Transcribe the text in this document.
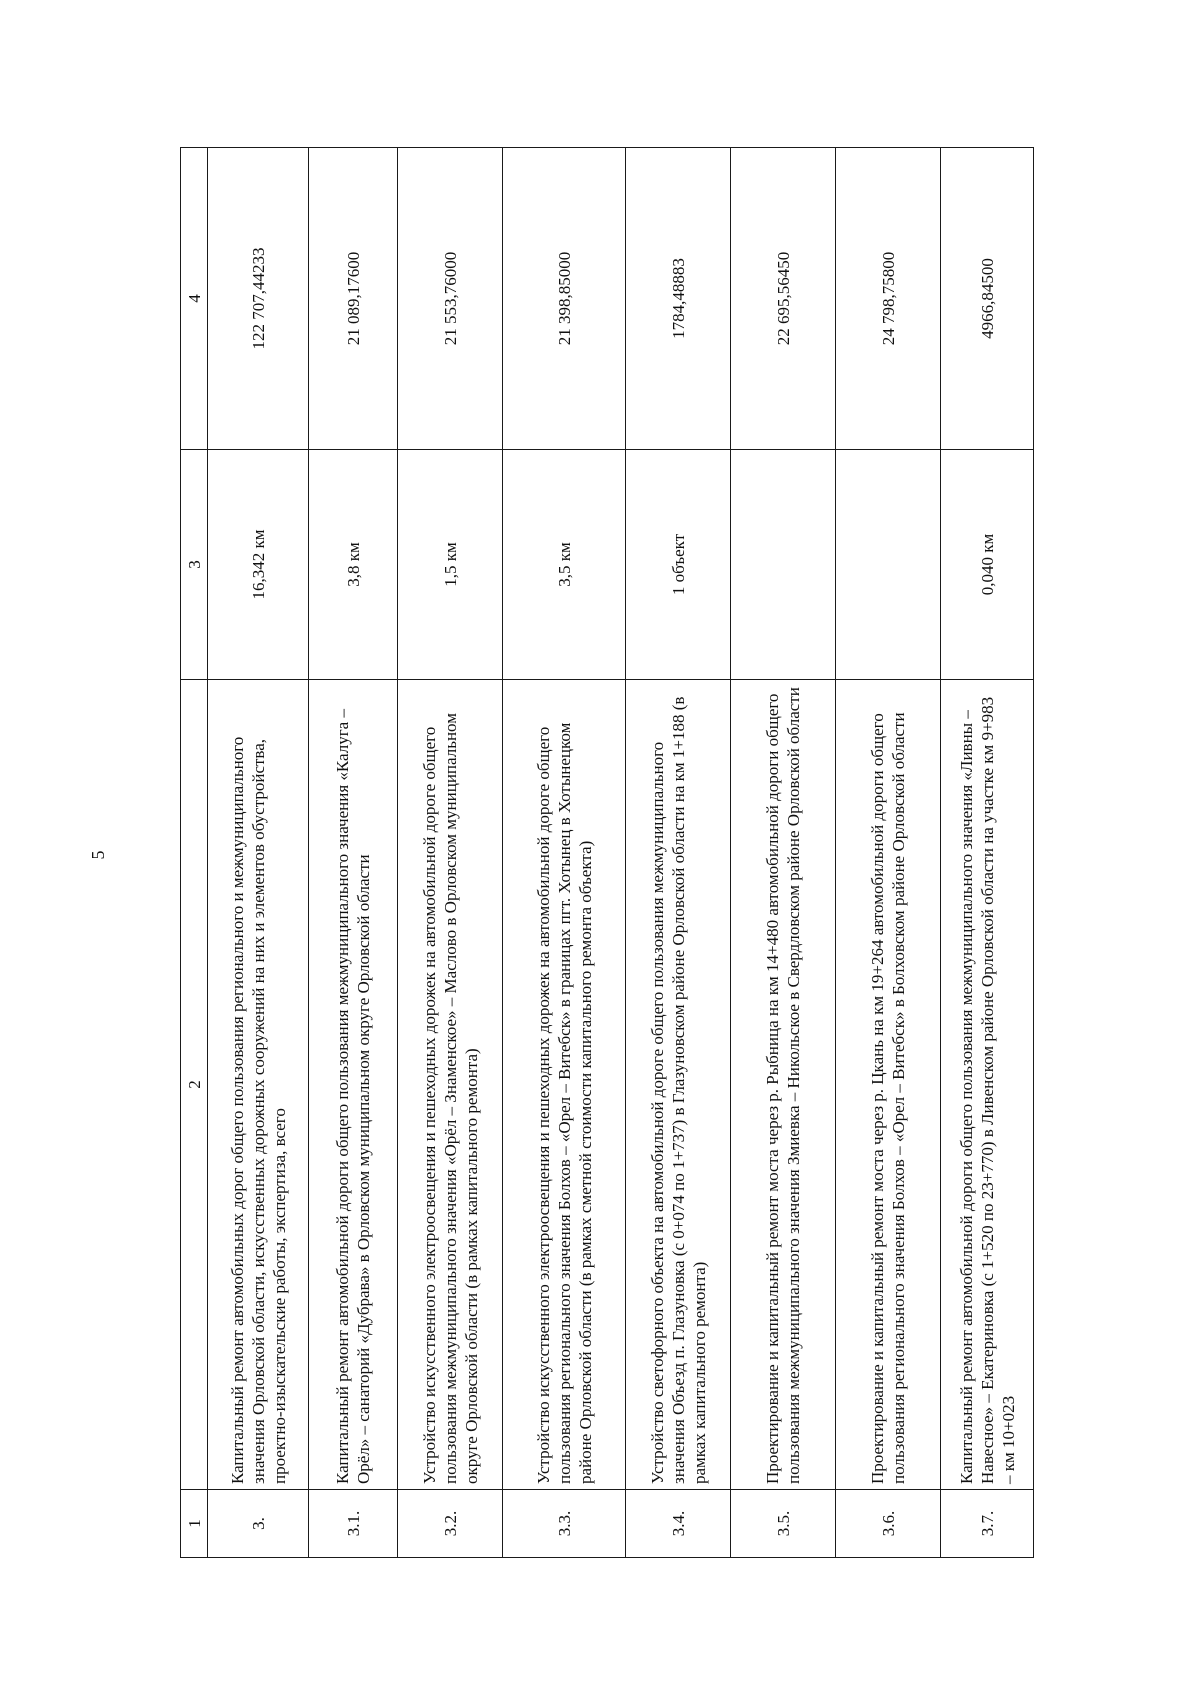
5
1	2	3	4
3.	Капитальный ремонт автомобильных дорог общего пользования регионального и межмуниципального значения Орловской области, искусственных дорожных сооружений на них и элементов обустройства, проектно-изыскательские работы, экспертиза, всего	16,342 км	122 707,44233
3.1.	Капитальный ремонт автомобильной дороги общего пользования межмуниципального значения «Калуга – Орёл» – санаторий «Дубрава» в Орловском муниципальном округе Орловской области	3,8 км	21 089,17600
3.2.	Устройство искусственного электроосвещения и пешеходных дорожек на автомобильной дороге общего пользования межмуниципального значения «Орёл – Знаменское» – Маслово в Орловском муниципальном округе Орловской области (в рамках капитального ремонта)	1,5 км	21 553,76000
3.3.	Устройство искусственного электроосвещения и пешеходных дорожек на автомобильной дороге общего пользования регионального значения Болхов – «Орел – Витебск» в границах пгт. Хотынец в Хотынецком районе Орловской области (в рамках сметной стоимости капитального ремонта объекта)	3,5 км	21 398,85000
3.4.	Устройство светофорного объекта на автомобильной дороге общего пользования межмуниципального значения Объезд п. Глазуновка (с 0+074 по 1+737) в Глазуновском районе Орловской области на км 1+188 (в рамках капитального ремонта)	1 объект	1784,48883
3.5.	Проектирование и капитальный ремонт моста через р. Рыбница на км 14+480 автомобильной дороги общего пользования межмуниципального значения Змиевка – Никольское в Свердловском районе Орловской области		22 695,56450
3.6.	Проектирование и капитальный ремонт моста через р. Цкань на км 19+264 автомобильной дороги общего пользования регионального значения Болхов – «Орел – Витебск» в Болховском районе Орловской области		24 798,75800
3.7.	Капитальный ремонт автомобильной дороги общего пользования межмуниципального значения «Ливны – Навесное» – Екатериновка (с 1+520 по 23+770) в Ливенском районе Орловской области на участке км 9+983 – км 10+023	0,040 км	4966,84500
